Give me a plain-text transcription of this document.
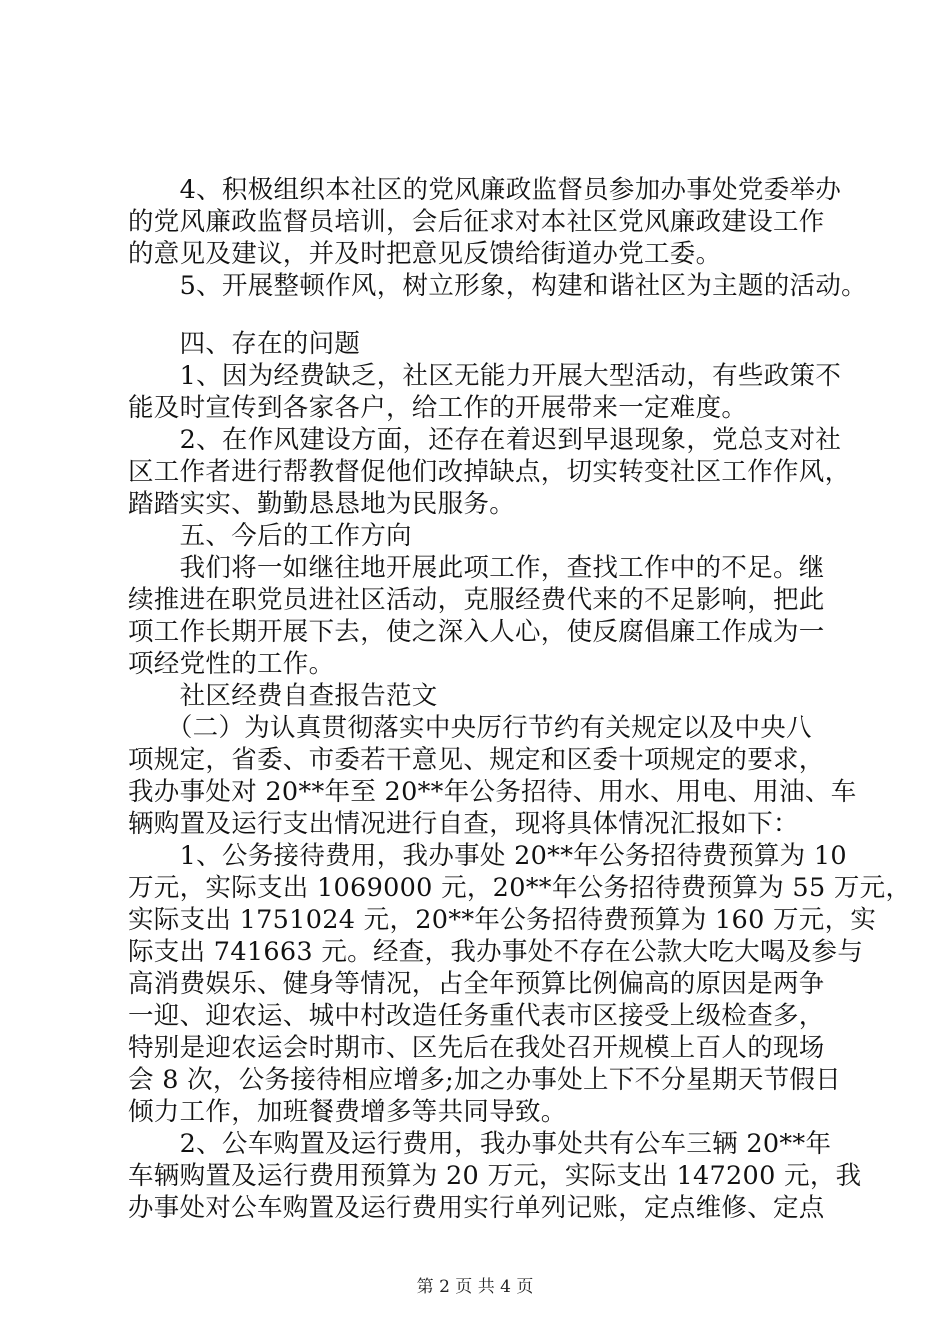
　　4、积极组织本社区的党风廉政监督员参加办事处党委举办
的党风廉政监督员培训，会后征求对本社区党风廉政建设工作
的意见及建议，并及时把意见反馈给街道办党工委。
　　5、开展整顿作风，树立形象，构建和谐社区为主题的活动。
　　四、存在的问题
　　1、因为经费缺乏，社区无能力开展大型活动，有些政策不
能及时宣传到各家各户，给工作的开展带来一定难度。
　　2、在作风建设方面，还存在着迟到早退现象，党总支对社
区工作者进行帮教督促他们改掉缺点，切实转变社区工作作风，
踏踏实实、勤勤恳恳地为民服务。
　　五、今后的工作方向
　　我们将一如继往地开展此项工作，查找工作中的不足。继
续推进在职党员进社区活动，克服经费代来的不足影响，把此
项工作长期开展下去，使之深入人心，使反腐倡廉工作成为一
项经党性的工作。
　　社区经费自查报告范文
　　（二）为认真贯彻落实中央厉行节约有关规定以及中央八
项规定，省委、市委若干意见、规定和区委十项规定的要求，
我办事处对 20**年至 20**年公务招待、用水、用电、用油、车
辆购置及运行支出情况进行自查，现将具体情况汇报如下：
　　1、公务接待费用，我办事处 20**年公务招待费预算为 10
万元，实际支出 1069000 元，20**年公务招待费预算为 55 万元，
实际支出 1751024 元，20**年公务招待费预算为 160 万元，实
际支出 741663 元。经查，我办事处不存在公款大吃大喝及参与
高消费娱乐、健身等情况，占全年预算比例偏高的原因是两争
一迎、迎农运、城中村改造任务重代表市区接受上级检查多，
特别是迎农运会时期市、区先后在我处召开规模上百人的现场
会 8 次，公务接待相应增多;加之办事处上下不分星期天节假日
倾力工作，加班餐费增多等共同导致。
　　2、公车购置及运行费用，我办事处共有公车三辆 20**年
车辆购置及运行费用预算为 20 万元，实际支出 147200 元，我
办事处对公车购置及运行费用实行单列记账，定点维修、定点
第 2 页 共 4 页
